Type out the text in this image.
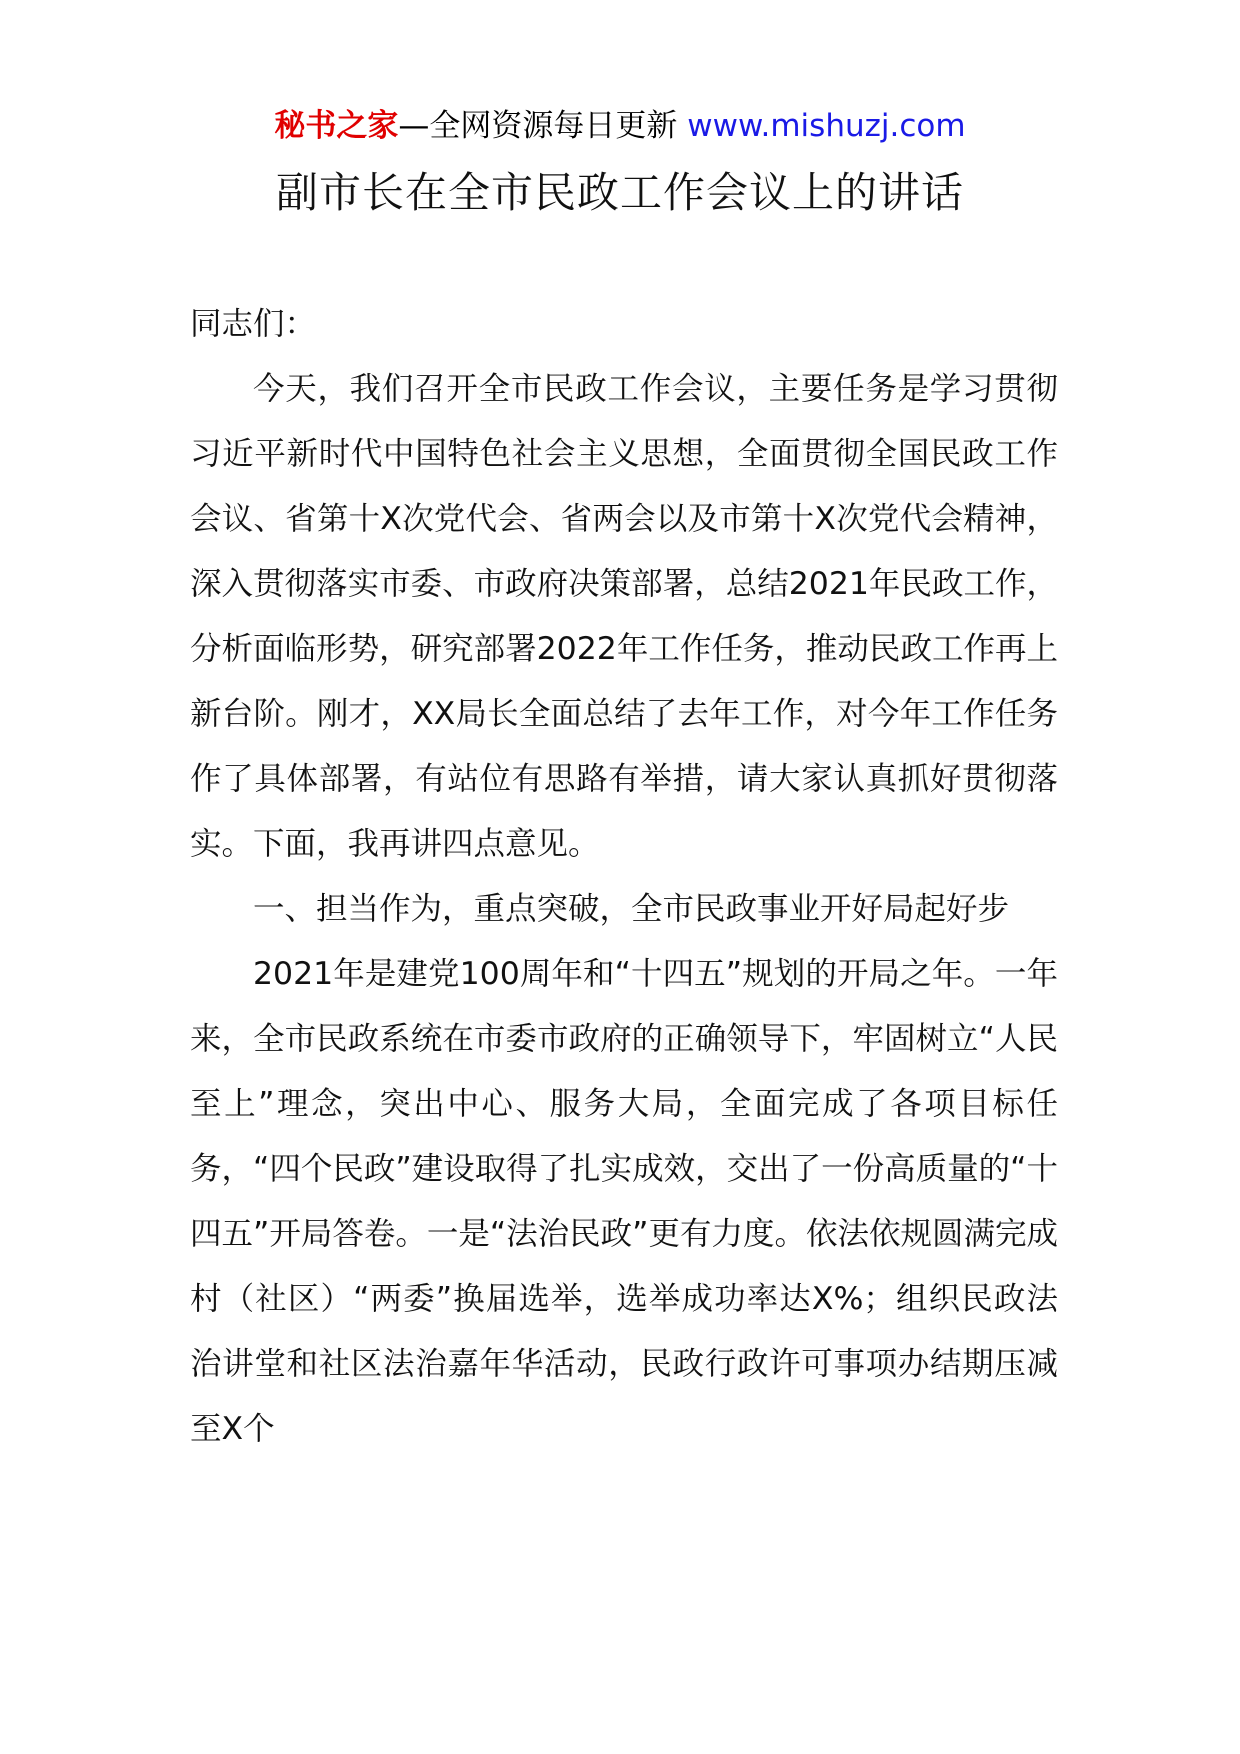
秘书之家—全网资源每日更新 www.mishuzj.com
副市长在全市民政工作会议上的讲话

同志们：

今天，我们召开全市民政工作会议，主要任务是学习贯彻习近平新时代中国特色社会主义思想，全面贯彻全国民政工作会议、省第十X次党代会、省两会以及市第十X次党代会精神，深入贯彻落实市委、市政府决策部署，总结2021年民政工作，分析面临形势，研究部署2022年工作任务，推动民政工作再上新台阶。刚才，XX局长全面总结了去年工作，对今年工作任务作了具体部署，有站位有思路有举措，请大家认真抓好贯彻落实。下面，我再讲四点意见。

一、担当作为，重点突破，全市民政事业开好局起好步

2021年是建党100周年和“十四五”规划的开局之年。一年来，全市民政系统在市委市政府的正确领导下，牢固树立“人民至上”理念，突出中心、服务大局，全面完成了各项目标任务，“四个民政”建设取得了扎实成效，交出了一份高质量的“十四五”开局答卷。一是“法治民政”更有力度。依法依规圆满完成村（社区）“两委”换届选举，选举成功率达X%；组织民政法治讲堂和社区法治嘉年华活动，民政行政许可事项办结期压减至X个
